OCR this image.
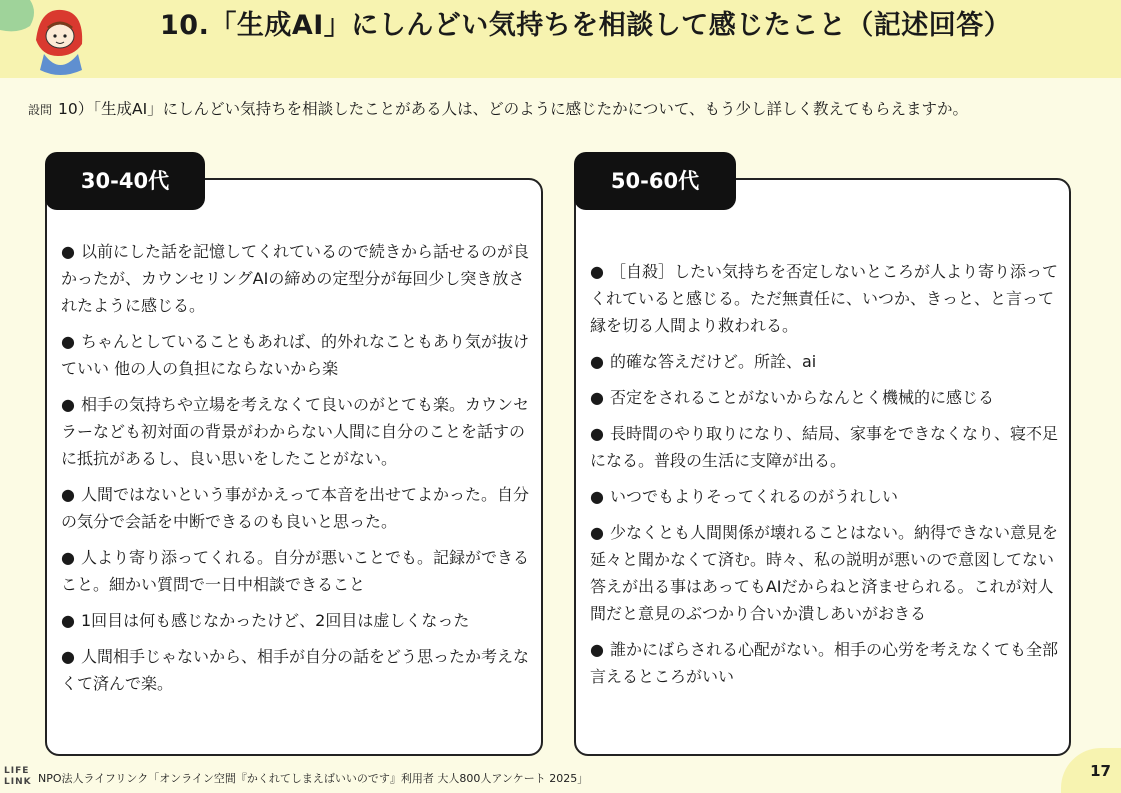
10.「生成AI」にしんどい気持ちを相談して感じたこと（記述回答）
設問 10）「生成AI」にしんどい気持ちを相談したことがある人は、どのように感じたかについて、もう少し詳しく教えてもらえますか。
● 以前にした話を記憶してくれているので続きから話せるのが良かったが、カウンセリングAIの締めの定型分が毎回少し突き放されたように感じる。
● ちゃんとしていることもあれば、的外れなこともあり気が抜けていい 他の人の負担にならないから楽
● 相手の気持ちや立場を考えなくて良いのがとても楽。カウンセラーなども初対面の背景がわからない人間に自分のことを話すのに抵抗があるし、良い思いをしたことがない。
● 人間ではないという事がかえって本音を出せてよかった。自分の気分で会話を中断できるのも良いと思った。
● 人より寄り添ってくれる。自分が悪いことでも。記録ができること。細かい質問で一日中相談できること
● 1回目は何も感じなかったけど、2回目は虚しくなった
● 人間相手じゃないから、相手が自分の話をどう思ったか考えなくて済んで楽。
30-40代
● ［自殺］したい気持ちを否定しないところが人より寄り添ってくれていると感じる。ただ無責任に、いつか、きっと、と言って縁を切る人間より救われる。
● 的確な答えだけど。所詮、ai
● 否定をされることがないからなんとく機械的に感じる
● 長時間のやり取りになり、結局、家事をできなくなり、寝不足になる。普段の生活に支障が出る。
● いつでもよりそってくれるのがうれしい
● 少なくとも人間関係が壊れることはない。納得できない意見を延々と聞かなくて済む。時々、私の説明が悪いので意図してない答えが出る事はあってもAIだからねと済ませられる。これが対人間だと意見のぶつかり合いか潰しあいがおきる
● 誰かにばらされる心配がない。相手の心労を考えなくても全部言えるところがいい
50-60代
LIFE
LINK NPO法人ライフリンク「オンライン空間『かくれてしまえばいいのです』利用者 大人800人アンケート 2025」	17
